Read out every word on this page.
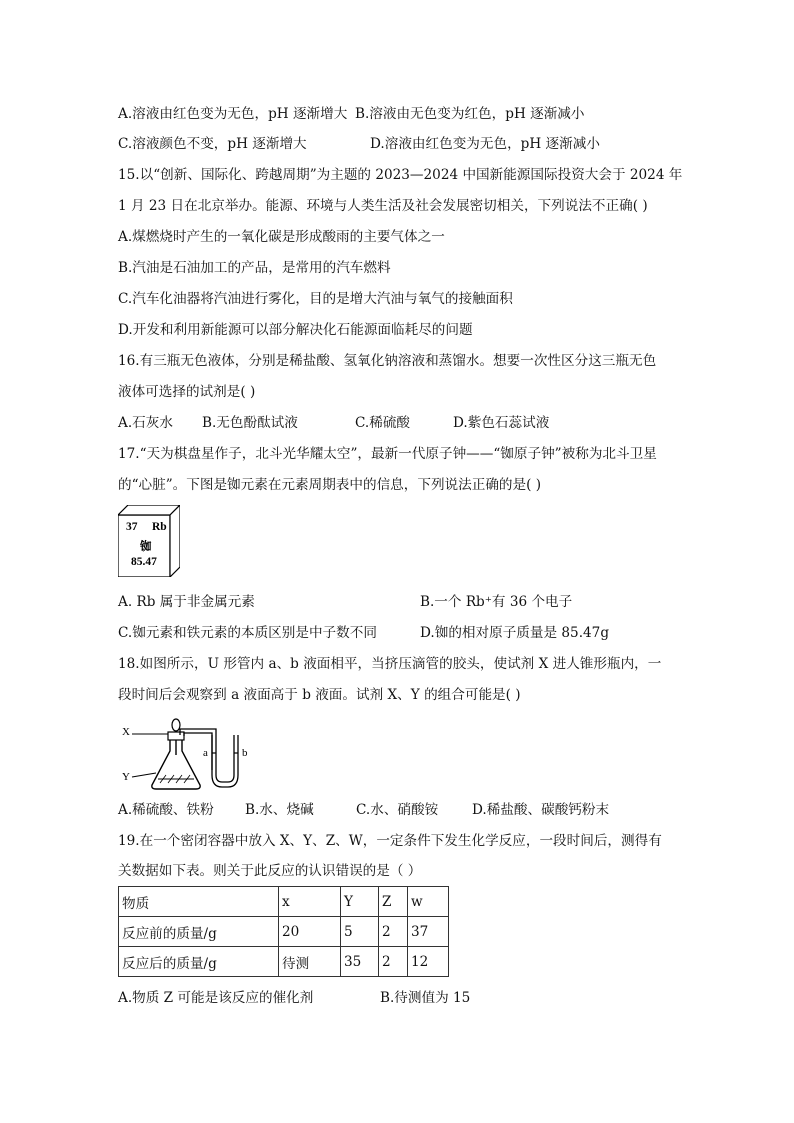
A.溶液由红色变为无色，pH 逐渐增大 B.溶液由无色变为红色，pH 逐渐减小
C.溶液颜色不变，pH 逐渐增大	D.溶液由红色变为无色，pH 逐渐减小
15.以“创新、国际化、跨越周期”为主题的 2023—2024 中国新能源国际投资大会于 2024 年
1 月 23 日在北京举办。能源、环境与人类生活及社会发展密切相关，下列说法不正确( )
A.煤燃烧时产生的一氧化碳是形成酸雨的主要气体之一
B.汽油是石油加工的产品，是常用的汽车燃料
C.汽车化油器将汽油进行雾化，目的是增大汽油与氧气的接触面积
D.开发和利用新能源可以部分解决化石能源面临耗尽的问题
16.有三瓶无色液体，分别是稀盐酸、氢氧化钠溶液和蒸馏水。想要一次性区分这三瓶无色
液体可选择的试剂是( )
A.石灰水 B.无色酚酞试液	C.稀硫酸	D.紫色石蕊试液
17.“天为棋盘星作子，北斗光华耀太空”，最新一代原子钟——“铷原子钟”被称为北斗卫星
的“心脏”。下图是铷元素在元素周期表中的信息，下列说法正确的是( )
37 Rb
铷
85.47
A. Rb 属于非金属元素	B.一个 Rb⁺有 36 个电子
C.铷元素和铁元素的本质区别是中子数不同	D.铷的相对原子质量是 85.47g
18.如图所示，U 形管内 a、b 液面相平，当挤压滴管的胶头，使试剂 X 进人锥形瓶内，一
段时间后会观察到 a 液面高于 b 液面。试剂 X、Y 的组合可能是( )
X
Y
a	b
A.稀硫酸、铁粉 B.水、烧碱	C.水、硝酸铵 D.稀盐酸、碳酸钙粉末
19.在一个密闭容器中放入 X、Y、Z、W，一定条件下发生化学反应，一段时间后，测得有
关数据如下表。则关于此反应的认识错误的是（ ）
物质	x	Y	Z	w
反应前的质量/g	20	5	2	37
反应后的质量/g	待测	35	2	12
A.物质 Z 可能是该反应的催化剂	B.待测值为 15
